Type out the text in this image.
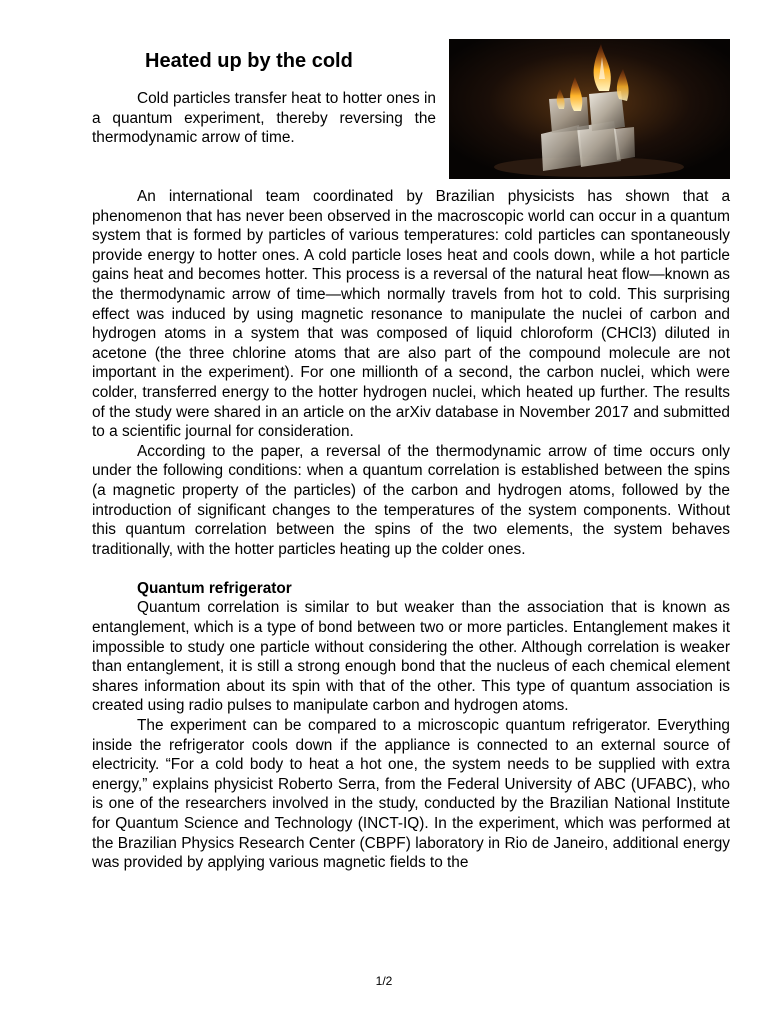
Heated up by the cold

Cold particles transfer heat to hotter ones in a quantum experiment, thereby reversing the thermodynamic arrow of time.

An international team coordinated by Brazilian physicists has shown that a phenomenon that has never been observed in the macroscopic world can occur in a quantum system that is formed by particles of various temperatures: cold particles can spontaneously provide energy to hotter ones. A cold particle loses heat and cools down, while a hot particle gains heat and becomes hotter. This process is a reversal of the natural heat flow—known as the thermodynamic arrow of time—which normally travels from hot to cold. This surprising effect was induced by using magnetic resonance to manipulate the nuclei of carbon and hydrogen atoms in a system that was composed of liquid chloroform (CHCl3) diluted in acetone (the three chlorine atoms that are also part of the compound molecule are not important in the experiment). For one millionth of a second, the carbon nuclei, which were colder, transferred energy to the hotter hydrogen nuclei, which heated up further. The results of the study were shared in an article on the arXiv database in November 2017 and submitted to a scientific journal for consideration.

According to the paper, a reversal of the thermodynamic arrow of time occurs only under the following conditions: when a quantum correlation is established between the spins (a magnetic property of the particles) of the carbon and hydrogen atoms, followed by the introduction of significant changes to the temperatures of the system components. Without this quantum correlation between the spins of the two elements, the system behaves traditionally, with the hotter particles heating up the colder ones.

Quantum refrigerator

Quantum correlation is similar to but weaker than the association that is known as entanglement, which is a type of bond between two or more particles. Entanglement makes it impossible to study one particle without considering the other. Although correlation is weaker than entanglement, it is still a strong enough bond that the nucleus of each chemical element shares information about its spin with that of the other. This type of quantum association is created using radio pulses to manipulate carbon and hydrogen atoms.

The experiment can be compared to a microscopic quantum refrigerator. Everything inside the refrigerator cools down if the appliance is connected to an external source of electricity. “For a cold body to heat a hot one, the system needs to be supplied with extra energy,” explains physicist Roberto Serra, from the Federal University of ABC (UFABC), who is one of the researchers involved in the study, conducted by the Brazilian National Institute for Quantum Science and Technology (INCT-IQ). In the experiment, which was performed at the Brazilian Physics Research Center (CBPF) laboratory in Rio de Janeiro, additional energy was provided by applying various magnetic fields to the

1/2
